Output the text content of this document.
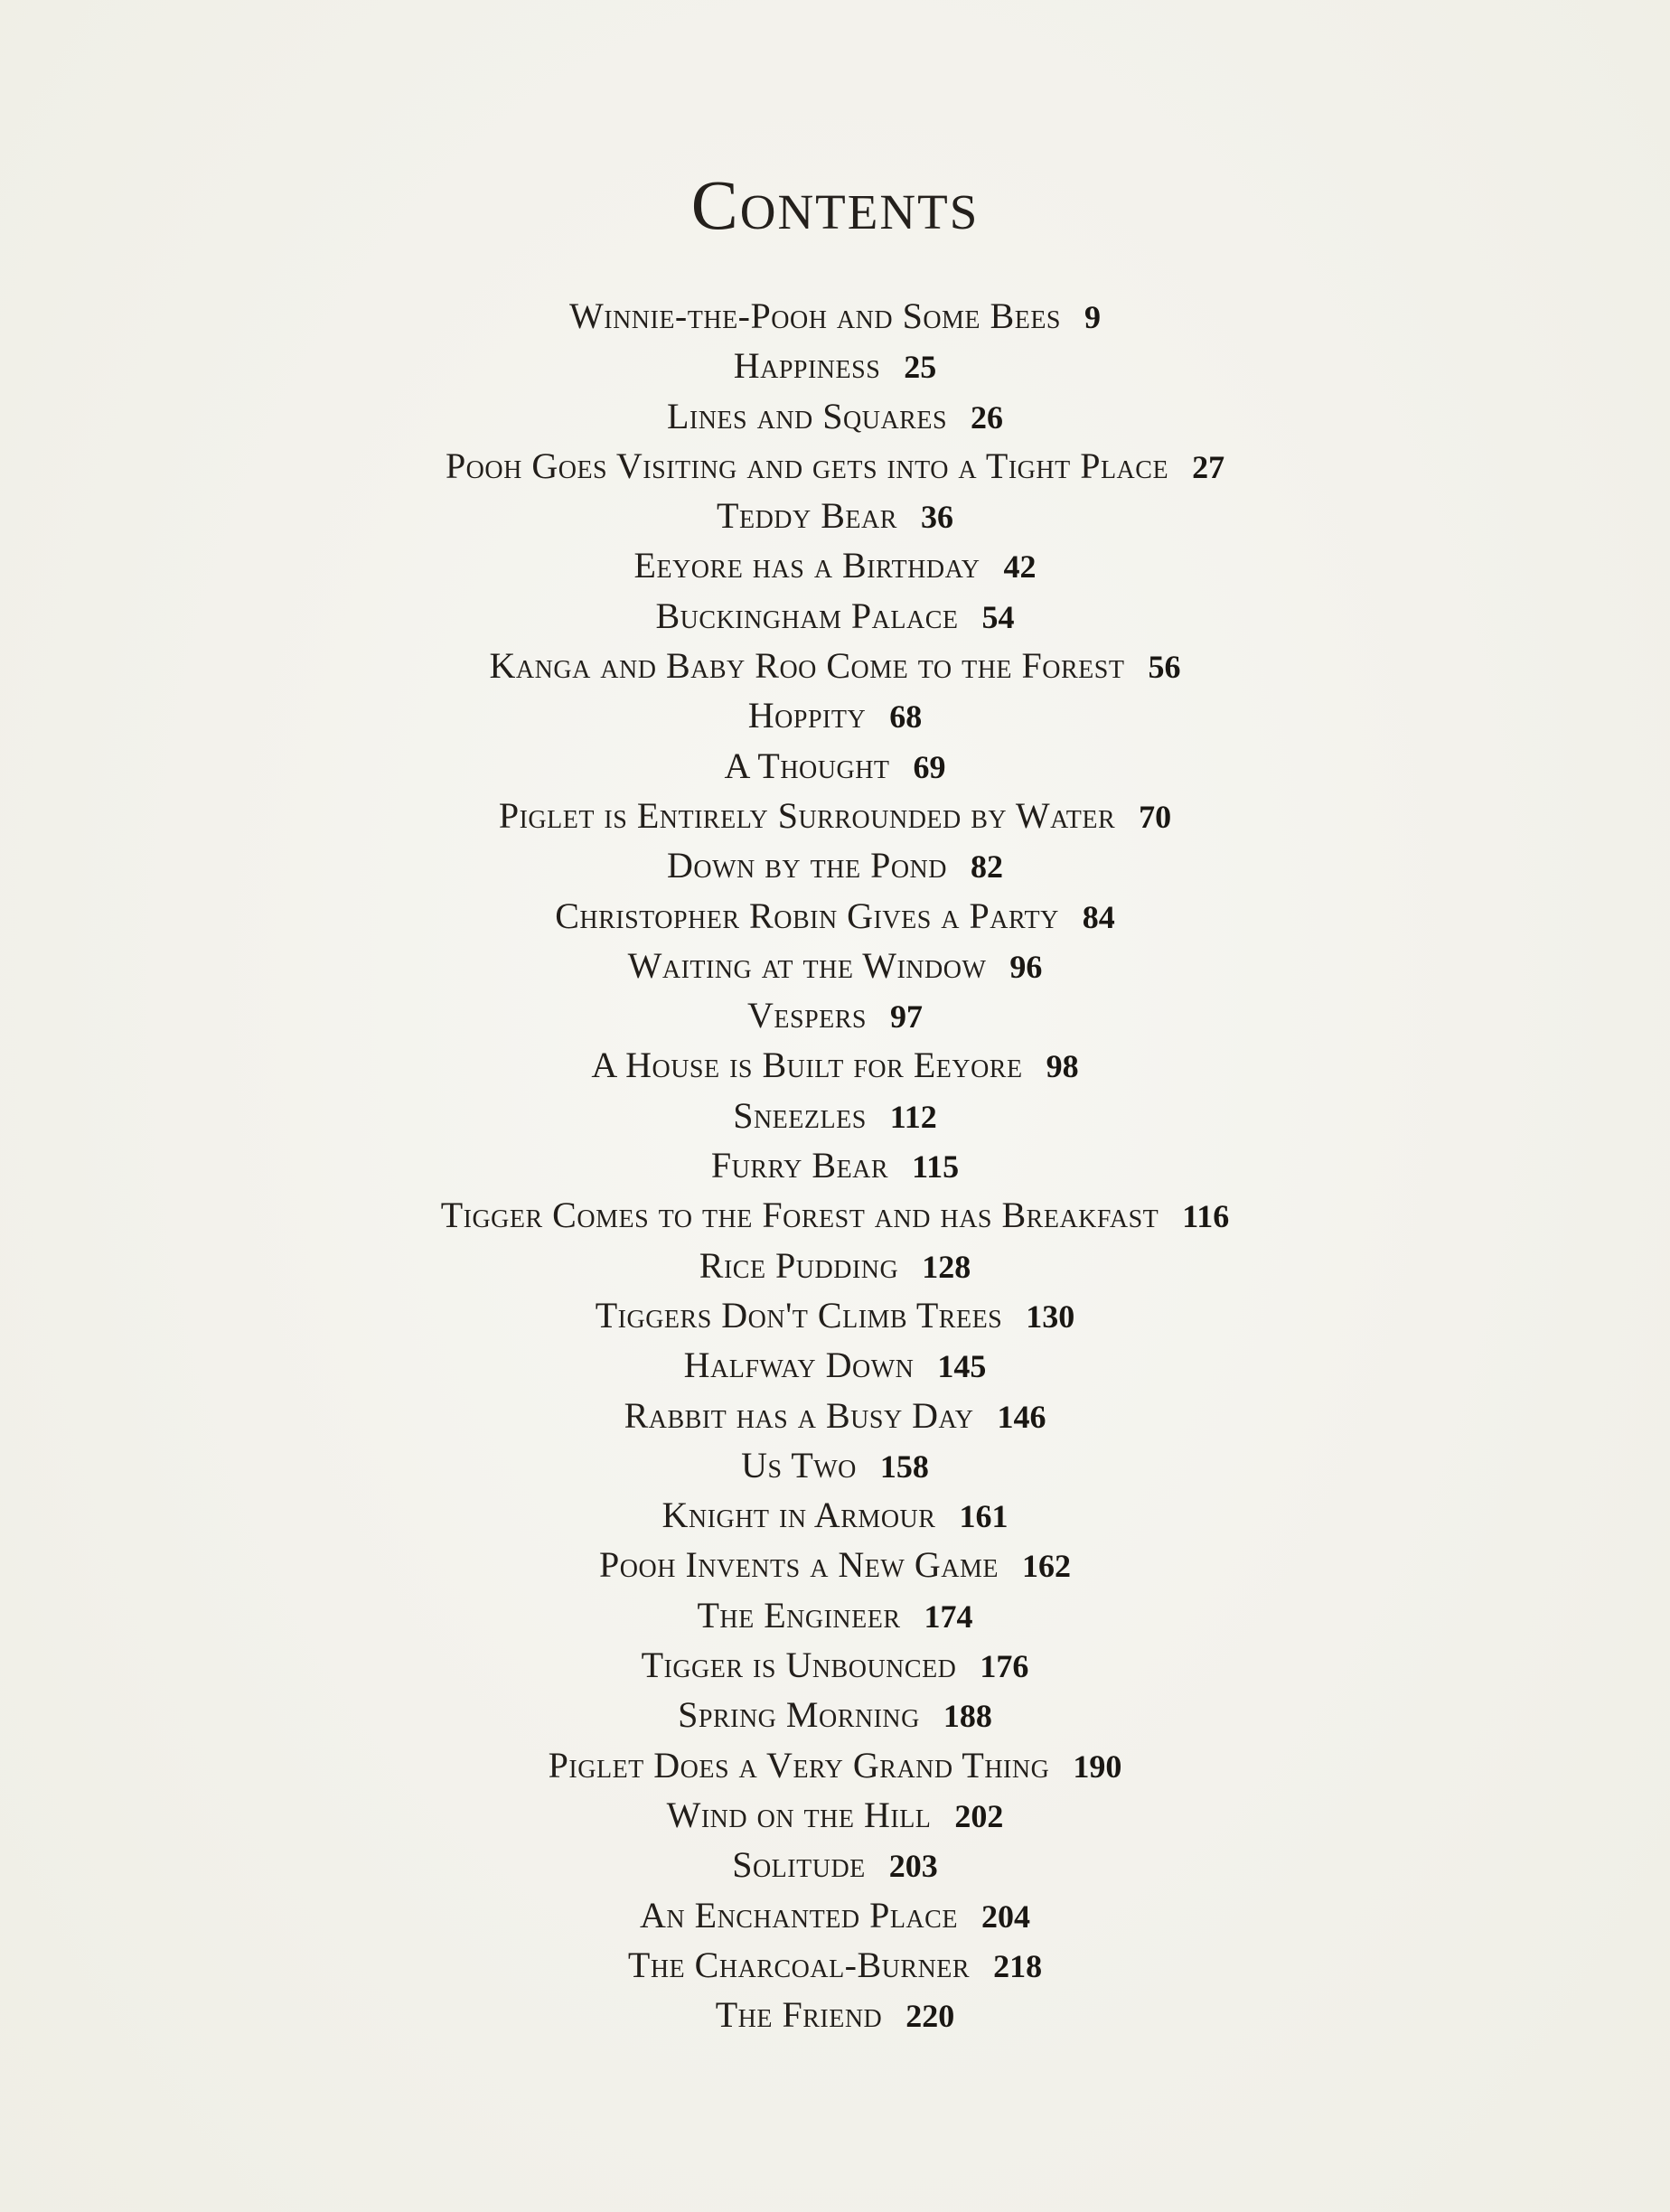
Contents
Winnie-the-Pooh and Some Bees 9
Happiness 25
Lines and Squares 26
Pooh Goes Visiting and gets into a Tight Place 27
Teddy Bear 36
Eeyore has a Birthday 42
Buckingham Palace 54
Kanga and Baby Roo Come to the Forest 56
Hoppity 68
A Thought 69
Piglet is Entirely Surrounded by Water 70
Down by the Pond 82
Christopher Robin Gives a Party 84
Waiting at the Window 96
Vespers 97
A House is Built for Eeyore 98
Sneezles 112
Furry Bear 115
Tigger Comes to the Forest and has Breakfast 116
Rice Pudding 128
Tiggers Don't Climb Trees 130
Halfway Down 145
Rabbit has a Busy Day 146
Us Two 158
Knight in Armour 161
Pooh Invents a New Game 162
The Engineer 174
Tigger is Unbounced 176
Spring Morning 188
Piglet Does a Very Grand Thing 190
Wind on the Hill 202
Solitude 203
An Enchanted Place 204
The Charcoal-Burner 218
The Friend 220
